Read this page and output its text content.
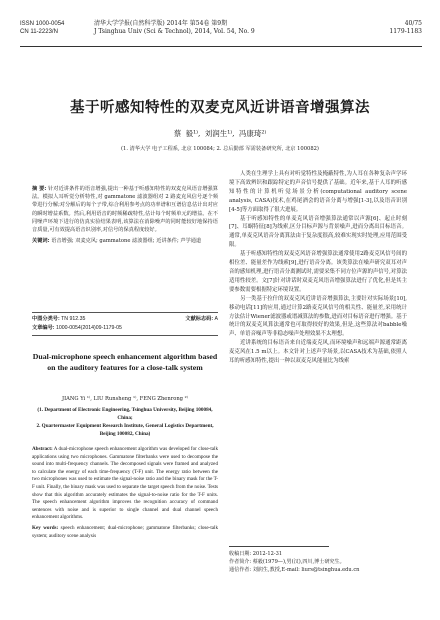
ISSN 1000-0054
CN 11-2223/N
清华大学学报(自然科学版) 2014年 第54卷 第9期
J Tsinghua Univ (Sci & Technol), 2014, Vol. 54, No. 9
40/75
1179-1183
基于听感知特性的双麦克风近讲语音增强算法
蔡 毅¹⁾, 刘润生¹⁾, 冯康琦²⁾
(1. 清华大学 电子工程系, 北京 100084; 2. 总后勤部 军需装备研究所, 北京 100082)
摘 要: 针对近讲条件的语音增强,提出一种基于听感知特性的双麦克风语音增强算法。模拟人耳听觉分析特性,对 gammatone 滤波器组对 2 路麦克风信号逐个频带进行分解;对分解后的每个子带,综合利用参考点的功率谱和互谱信息估计出对应的瞬时增益系数。然后,利用语音的时频稀疏特性,估计每个时频单元的增益。在不同噪声环境下进行的仿真实验结果表明,该算法在消除噪声的同时能较好地保持语音质量,可有效提高语音识别率,对信号的保真程度较好。
关键词: 语音增强; 双麦克风; gammatone 滤波器组; 近讲条件; 声学通道
中图分类号: TN 912.35	文献标志码: A
文章编号: 1000-0054(2014)09-1179-05
Dual-microphone speech enhancement algorithm based on the auditory features for a close-talk system
JIANG Yi ¹⁾, LIU Runsheng ¹⁾, FENG Zhenrong ²⁾
(1. Department of Electronic Engineering, Tsinghua University, Beijing 100084, China;
2. Quartermaster Equipment Research Institute, General Logistics Department, Beijing 100082, China)
Abstract: A dual-microphone speech enhancement algorithm was developed for close-talk applications using two microphones. Gammatone filterbanks were used to decompose the sound into multi-frequency channels. The decomposed signals were framed and analyzed to calculate the energy of each time-frequency (T-F) unit. The energy ratio between the two microphones was used to estimate the signal-noise ratio and the binary mask for the T-F unit. Finally, the binary mask was used to separate the target speech from the noise. Tests show that this algorithm accurately estimates the signal-to-noise ratio for the T-F units. The speech enhancement algorithm improves the recognition accuracy of command sentences with noise and is superior to single channel and dual channel speech enhancement algorithms.
Key words: speech enhancement; dual-microphone; gammatone filterbanks; close-talk system; auditory scene analysis

人类在生理学上具有对听觉特性及掩蔽特性,为人耳在各种复杂声学环境下高效辨识和跟踪特定的声音信号提供了基础。近年来,基于人耳的听感知特性的计算机听觉场景分析(computational auditory scene analysis, CASA)技术,在鸡尾酒会的语音分离与增强[1-3],以及语音识别[4-5]等方面取得了很大进展。

基于听感知特性的单麦克风语音增强算法通常以声源[6]、起止时刻[7]、耳蜗特征[8]为线索,区分目标声源与背景噪声,进而分离出目标语音。通常,单麦克风语音分离算法由于复杂度很高,较难实现实时处理,应用范围受限。

基于听感知特性的双麦克风语音增强算法通常使用2路麦克风信号间的相位差、能量差作为线索[9],进行语音分离。该类算法在噪声研究双耳对声音的感知机理,进行语音分离测试时,需要采集不同方位声源的声信号,对算法适用性较差。文[7]针对讲话时双麦克风语音增强算法进行了优化,但是其主要参数需要根据特定环境设置。

另一类基于拉什的双麦克风近讲语音增强算法,主要针对实际场景[10],移动电话[11]的应用,通过计算2路麦克风信号的相关性、能量差,采用统计方法估计Wiener滤波器或谱减算法的参数,进而对目标语音进行增强。基于统计的双麦克风算法通常也可取得较好的效果,但是,这些算法对babble噪声、单语音噪声等非稳态噪声处理效果不太理想。

近讲系统的目标语音来自近端麦克风,而环境噪声和远端声源通常距离麦克风在1.5 m以上。本文针对上述声学场景,以CASA技术为基础,依照人耳的听感知特性,提出一种以双麦克风能量比为线索

收稿日期: 2012-12-31
作者简介: 蔡毅(1979—),男(汉),四川,博士研究生。
通信作者: 刘润生,教授,E-mail: liurs@tsinghua.edu.cn
